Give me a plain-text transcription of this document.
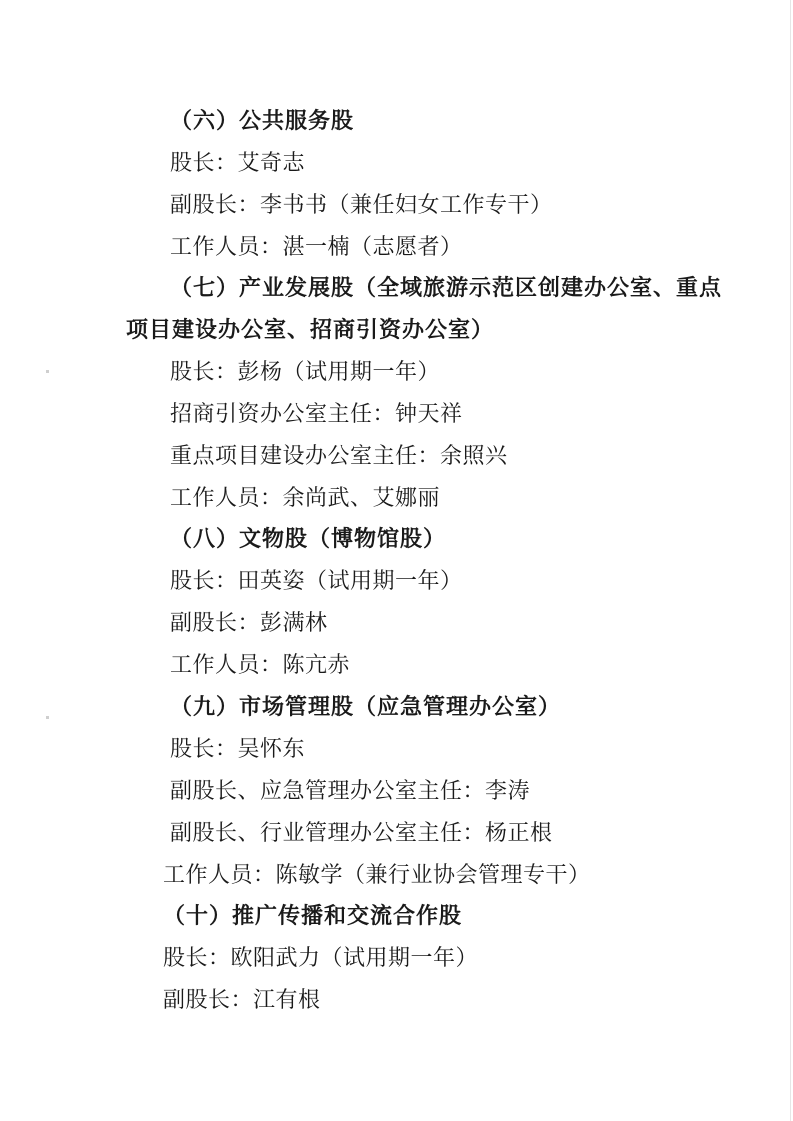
（六）公共服务股
股长：艾奇志
副股长：李书书（兼任妇女工作专干）
工作人员：湛一楠（志愿者）
（七）产业发展股（全域旅游示范区创建办公室、重点
项目建设办公室、招商引资办公室）
股长：彭杨（试用期一年）
招商引资办公室主任：钟天祥
重点项目建设办公室主任：余照兴
工作人员：余尚武、艾娜丽
（八）文物股（博物馆股）
股长：田英姿（试用期一年）
副股长：彭满林
工作人员：陈亢赤
（九）市场管理股（应急管理办公室）
股长：吴怀东
副股长、应急管理办公室主任：李涛
副股长、行业管理办公室主任：杨正根
工作人员：陈敏学（兼行业协会管理专干）
（十）推广传播和交流合作股
股长：欧阳武力（试用期一年）
副股长：江有根
